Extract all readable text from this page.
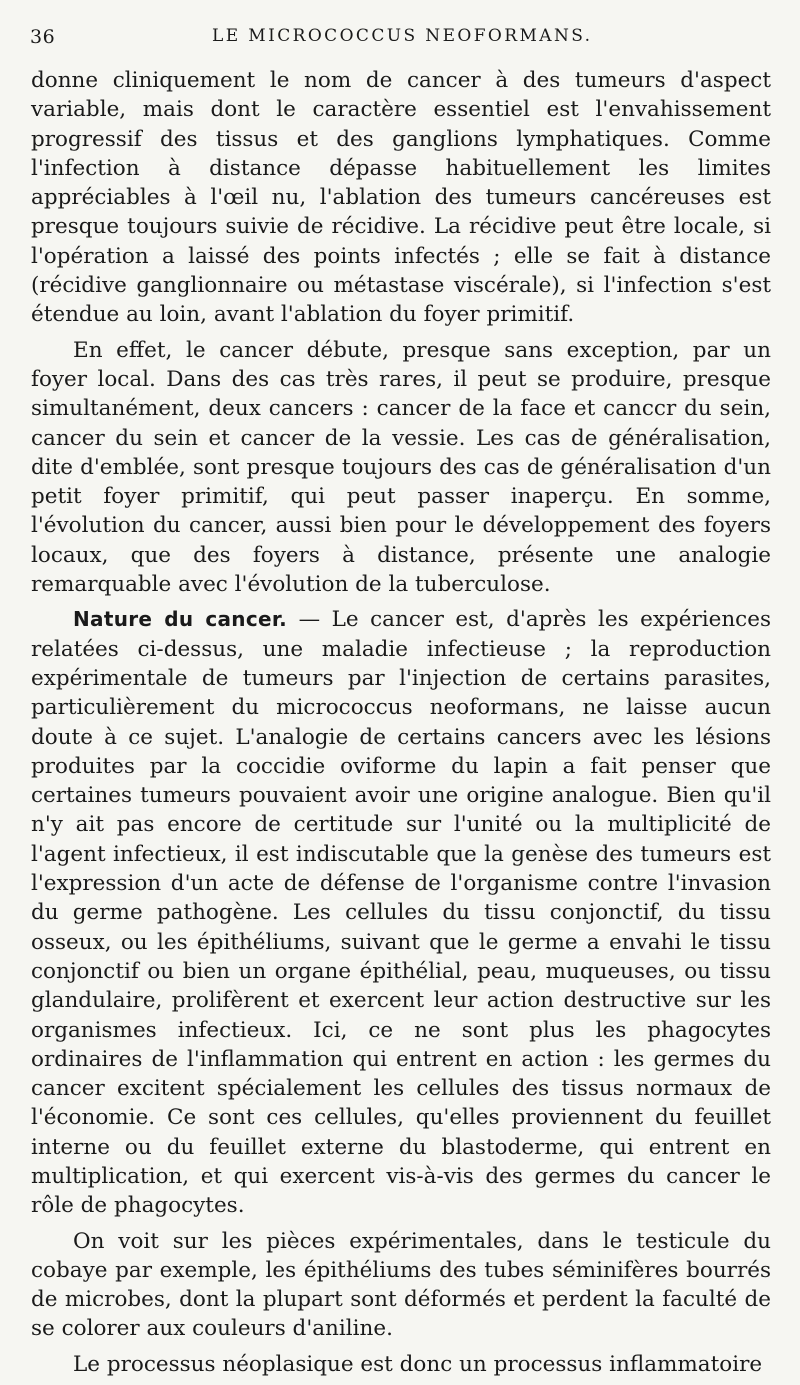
36	LE MICROCOCCUS NEOFORMANS.

donne cliniquement le nom de cancer à des tumeurs d'aspect variable, mais dont le caractère essentiel est l'envahissement progressif des tissus et des ganglions lymphatiques. Comme l'infection à distance dépasse habituellement les limites appréciables à l'œil nu, l'ablation des tumeurs cancéreuses est presque toujours suivie de récidive. La récidive peut être locale, si l'opération a laissé des points infectés ; elle se fait à distance (récidive ganglionnaire ou métastase viscérale), si l'infection s'est étendue au loin, avant l'ablation du foyer primitif.

En effet, le cancer débute, presque sans exception, par un foyer local. Dans des cas très rares, il peut se produire, presque simultanément, deux cancers : cancer de la face et canccr du sein, cancer du sein et cancer de la vessie. Les cas de généralisation, dite d'emblée, sont presque toujours des cas de généralisation d'un petit foyer primitif, qui peut passer inaperçu. En somme, l'évolution du cancer, aussi bien pour le développement des foyers locaux, que des foyers à distance, présente une analogie remarquable avec l'évolution de la tuberculose.

Nature du cancer. — Le cancer est, d'après les expériences relatées ci-dessus, une maladie infectieuse ; la reproduction expérimentale de tumeurs par l'injection de certains parasites, particulièrement du micrococcus neoformans, ne laisse aucun doute à ce sujet. L'analogie de certains cancers avec les lésions produites par la coccidie oviforme du lapin a fait penser que certaines tumeurs pouvaient avoir une origine analogue. Bien qu'il n'y ait pas encore de certitude sur l'unité ou la multiplicité de l'agent infectieux, il est indiscutable que la genèse des tumeurs est l'expression d'un acte de défense de l'organisme contre l'invasion du germe pathogène. Les cellules du tissu conjonctif, du tissu osseux, ou les épithéliums, suivant que le germe a envahi le tissu conjonctif ou bien un organe épithélial, peau, muqueuses, ou tissu glandulaire, prolifèrent et exercent leur action destructive sur les organismes infectieux. Ici, ce ne sont plus les phagocytes ordinaires de l'inflammation qui entrent en action : les germes du cancer excitent spécialement les cellules des tissus normaux de l'économie. Ce sont ces cellules, qu'elles proviennent du feuillet interne ou du feuillet externe du blastoderme, qui entrent en multiplication, et qui exercent vis-à-vis des germes du cancer le rôle de phagocytes.

On voit sur les pièces expérimentales, dans le testicule du cobaye par exemple, les épithéliums des tubes séminifères bourrés de microbes, dont la plupart sont déformés et perdent la faculté de se colorer aux couleurs d'aniline.

Le processus néoplasique est donc un processus inflammatoire
